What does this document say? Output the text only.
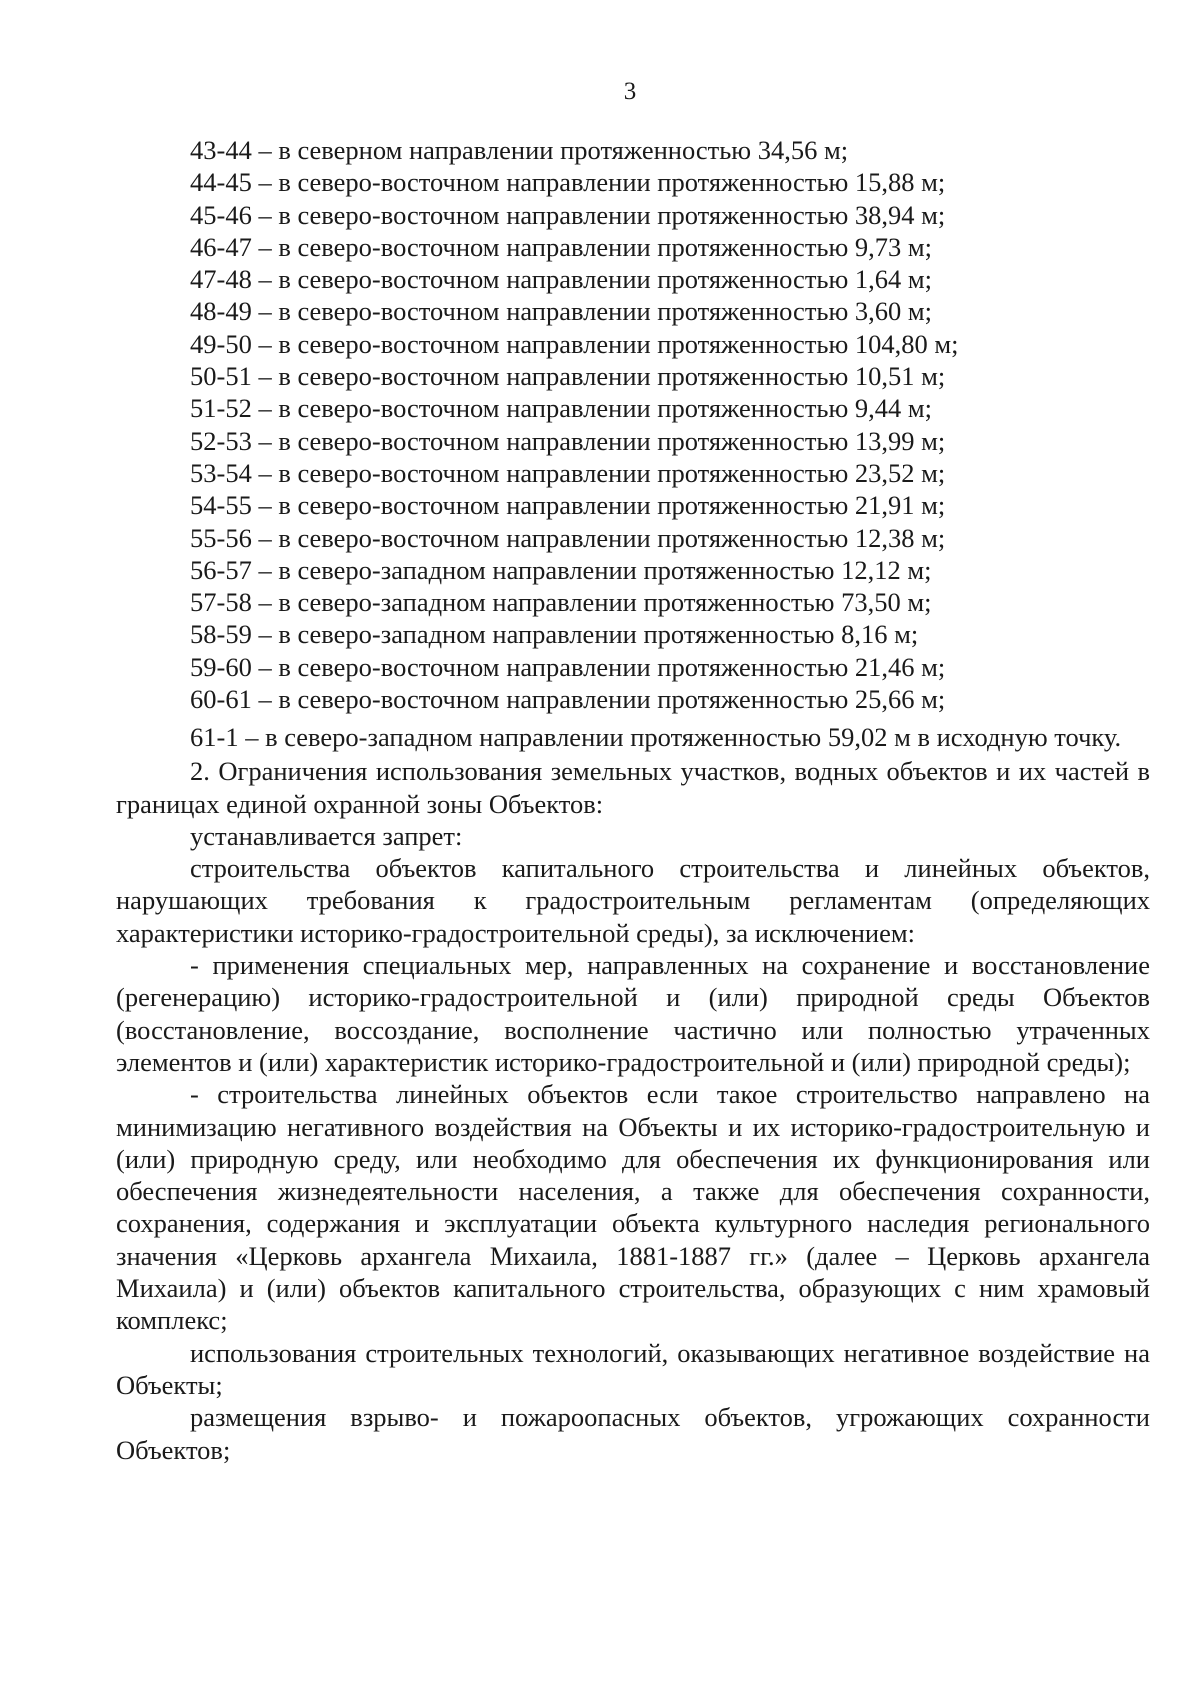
3
43-44 – в северном направлении протяженностью 34,56 м;
44-45 – в северо-восточном направлении протяженностью 15,88 м;
45-46 – в северо-восточном направлении протяженностью 38,94 м;
46-47 – в северо-восточном направлении протяженностью 9,73 м;
47-48 – в северо-восточном направлении протяженностью 1,64 м;
48-49 – в северо-восточном направлении протяженностью 3,60 м;
49-50 – в северо-восточном направлении протяженностью 104,80 м;
50-51 – в северо-восточном направлении протяженностью 10,51 м;
51-52 – в северо-восточном направлении протяженностью 9,44 м;
52-53 – в северо-восточном направлении протяженностью 13,99 м;
53-54 – в северо-восточном направлении протяженностью 23,52 м;
54-55 – в северо-восточном направлении протяженностью 21,91 м;
55-56 – в северо-восточном направлении протяженностью 12,38 м;
56-57 – в северо-западном направлении протяженностью 12,12 м;
57-58 – в северо-западном направлении протяженностью 73,50 м;
58-59 – в северо-западном направлении протяженностью 8,16 м;
59-60 – в северо-восточном направлении протяженностью 21,46 м;
60-61 – в северо-восточном направлении протяженностью 25,66 м;

61-1 – в северо-западном направлении протяженностью 59,02 м в исходную точку.

2. Ограничения использования земельных участков, водных объектов и их частей в границах единой охранной зоны Объектов:

устанавливается запрет:

строительства объектов капитального строительства и линейных объектов, нарушающих требования к градостроительным регламентам (определяющих характеристики историко-градостроительной среды), за исключением:

- применения специальных мер, направленных на сохранение и восстановление (регенерацию) историко-градостроительной и (или) природной среды Объектов (восстановление, воссоздание, восполнение частично или полностью утраченных элементов и (или) характеристик историко-градостроительной и (или) природной среды);

- строительства линейных объектов если такое строительство направлено на минимизацию негативного воздействия на Объекты и их историко-градостроительную и (или) природную среду, или необходимо для обеспечения их функционирования или обеспечения жизнедеятельности населения, а также для обеспечения сохранности, сохранения, содержания и эксплуатации объекта культурного наследия регионального значения «Церковь архангела Михаила, 1881-1887 гг.» (далее – Церковь архангела Михаила) и (или) объектов капитального строительства, образующих с ним храмовый комплекс;

использования строительных технологий, оказывающих негативное воздействие на Объекты;

размещения взрыво- и пожароопасных объектов, угрожающих сохранности Объектов;
